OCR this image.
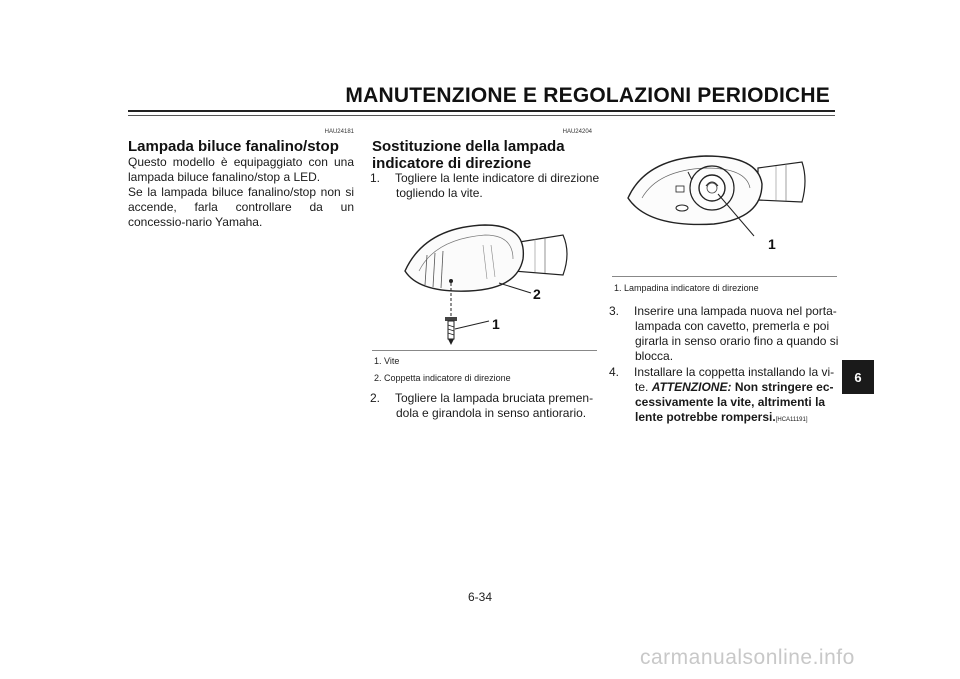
MANUTENZIONE E REGOLAZIONI PERIODICHE
HAU24181
Lampada biluce fanalino/stop
Questo modello è equipaggiato con una lampada biluce fanalino/stop a LED.
Se la lampada biluce fanalino/stop non si accende, farla controllare da un concessio-nario Yamaha.
HAU24204
Sostituzione della lampada
indicatore di direzione
1. Togliere la lente indicatore di direzione togliendo la vite.
2
1
1. Vite
2. Coppetta indicatore di direzione
2. Togliere la lampada bruciata premen-dola e girandola in senso antiorario.
1
1. Lampadina indicatore di direzione
3. Inserire una lampada nuova nel porta-lampada con cavetto, premerla e poi girarla in senso orario fino a quando si blocca.
4. Installare la coppetta installando la vi-te. ATTENZIONE: Non stringere ec-cessivamente la vite, altrimenti la lente potrebbe rompersi.[HCA11191]
6
6-34
carmanualsonline.info
